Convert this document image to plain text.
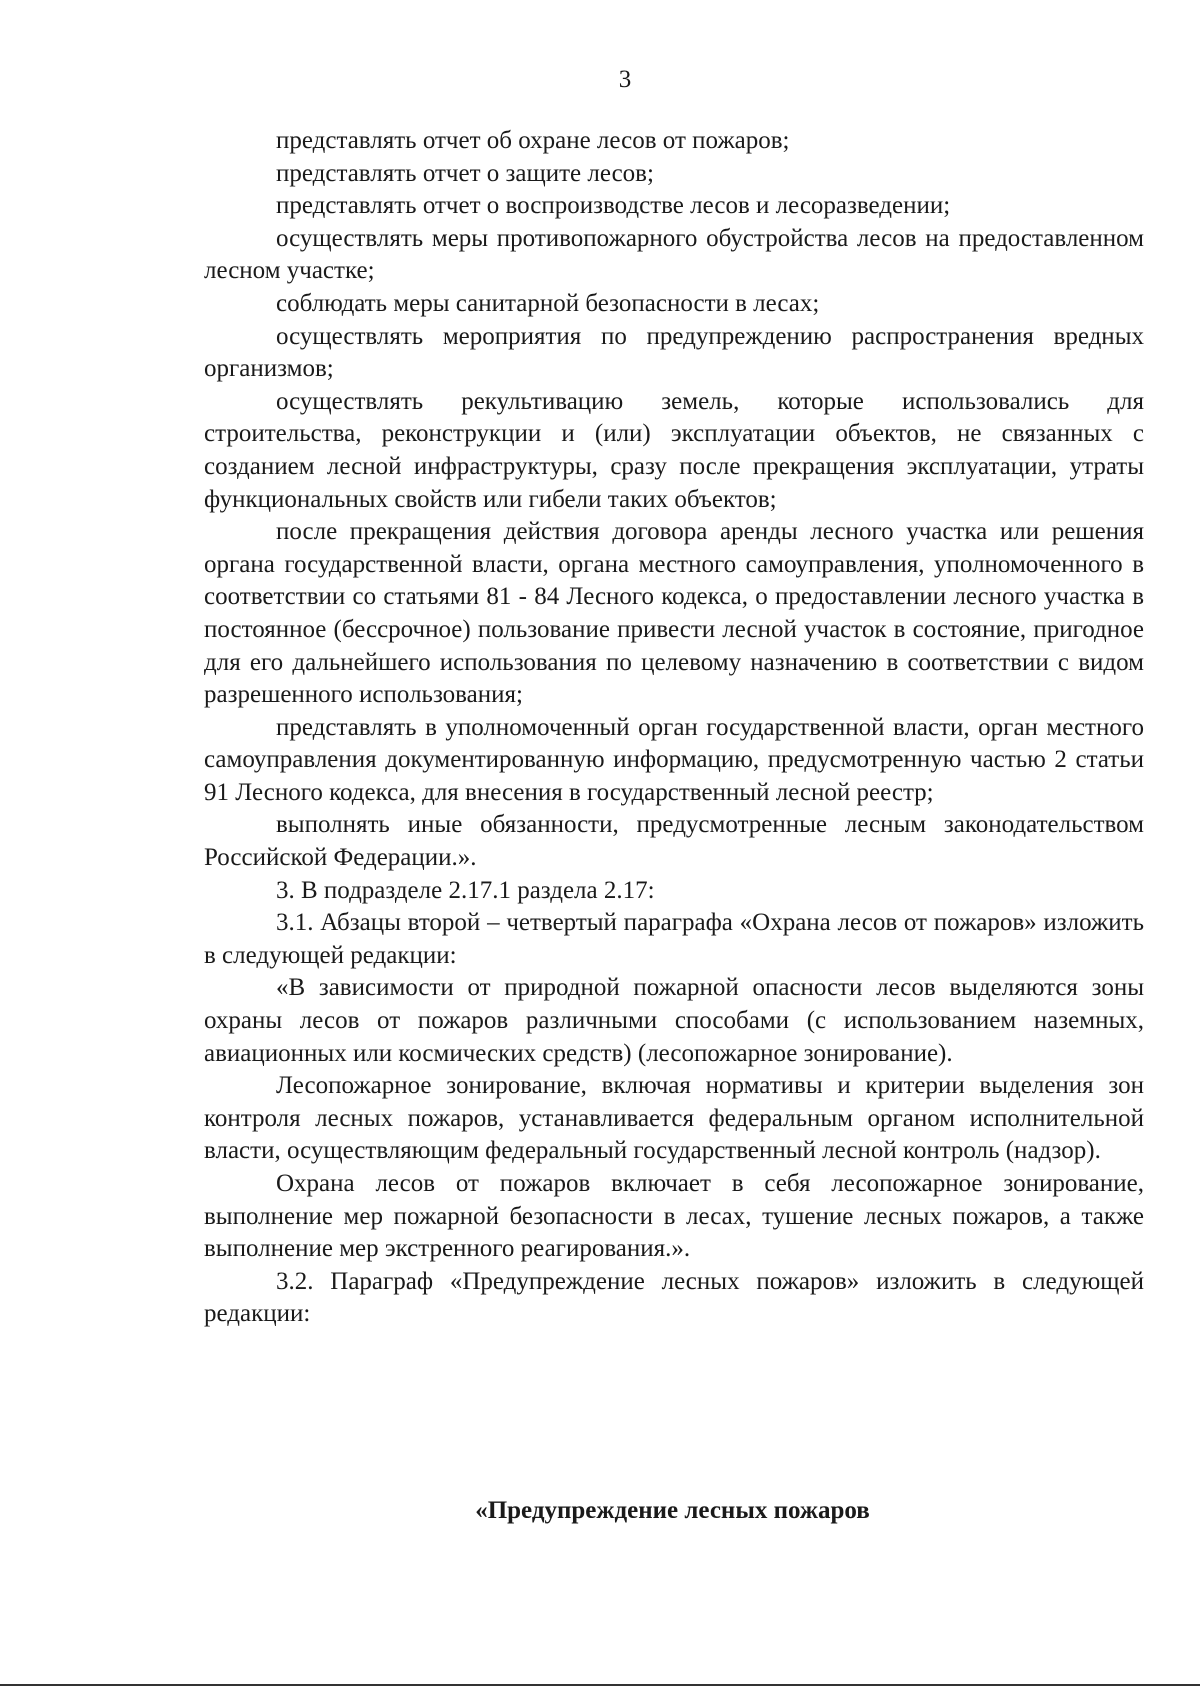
3

представлять отчет об охране лесов от пожаров;

представлять отчет о защите лесов;

представлять отчет о воспроизводстве лесов и лесоразведении;

осуществлять меры противопожарного обустройства лесов на предоставленном лесном участке;

соблюдать меры санитарной безопасности в лесах;

осуществлять мероприятия по предупреждению распространения вредных организмов;

осуществлять рекультивацию земель, которые использовались для строительства, реконструкции и (или) эксплуатации объектов, не связанных с созданием лесной инфраструктуры, сразу после прекращения эксплуатации, утраты функциональных свойств или гибели таких объектов;

после прекращения действия договора аренды лесного участка или решения органа государственной власти, органа местного самоуправления, уполномоченного в соответствии со статьями 81 - 84 Лесного кодекса, о предоставлении лесного участка в постоянное (бессрочное) пользование привести лесной участок в состояние, пригодное для его дальнейшего использования по целевому назначению в соответствии с видом разрешенного использования;

представлять в уполномоченный орган государственной власти, орган местного самоуправления документированную информацию, предусмотренную частью 2 статьи 91 Лесного кодекса, для внесения в государственный лесной реестр;

выполнять иные обязанности, предусмотренные лесным законодательством Российской Федерации.».

3. В подразделе 2.17.1 раздела 2.17:

3.1. Абзацы второй – четвертый параграфа «Охрана лесов от пожаров» изложить в следующей редакции:

«В зависимости от природной пожарной опасности лесов выделяются зоны охраны лесов от пожаров различными способами (с использованием наземных, авиационных или космических средств) (лесопожарное зонирование).

Лесопожарное зонирование, включая нормативы и критерии выделения зон контроля лесных пожаров, устанавливается федеральным органом исполнительной власти, осуществляющим федеральный государственный лесной контроль (надзор).

Охрана лесов от пожаров включает в себя лесопожарное зонирование, выполнение мер пожарной безопасности в лесах, тушение лесных пожаров, а также выполнение мер экстренного реагирования.».

3.2. Параграф «Предупреждение лесных пожаров» изложить в следующей редакции:

«Предупреждение лесных пожаров
